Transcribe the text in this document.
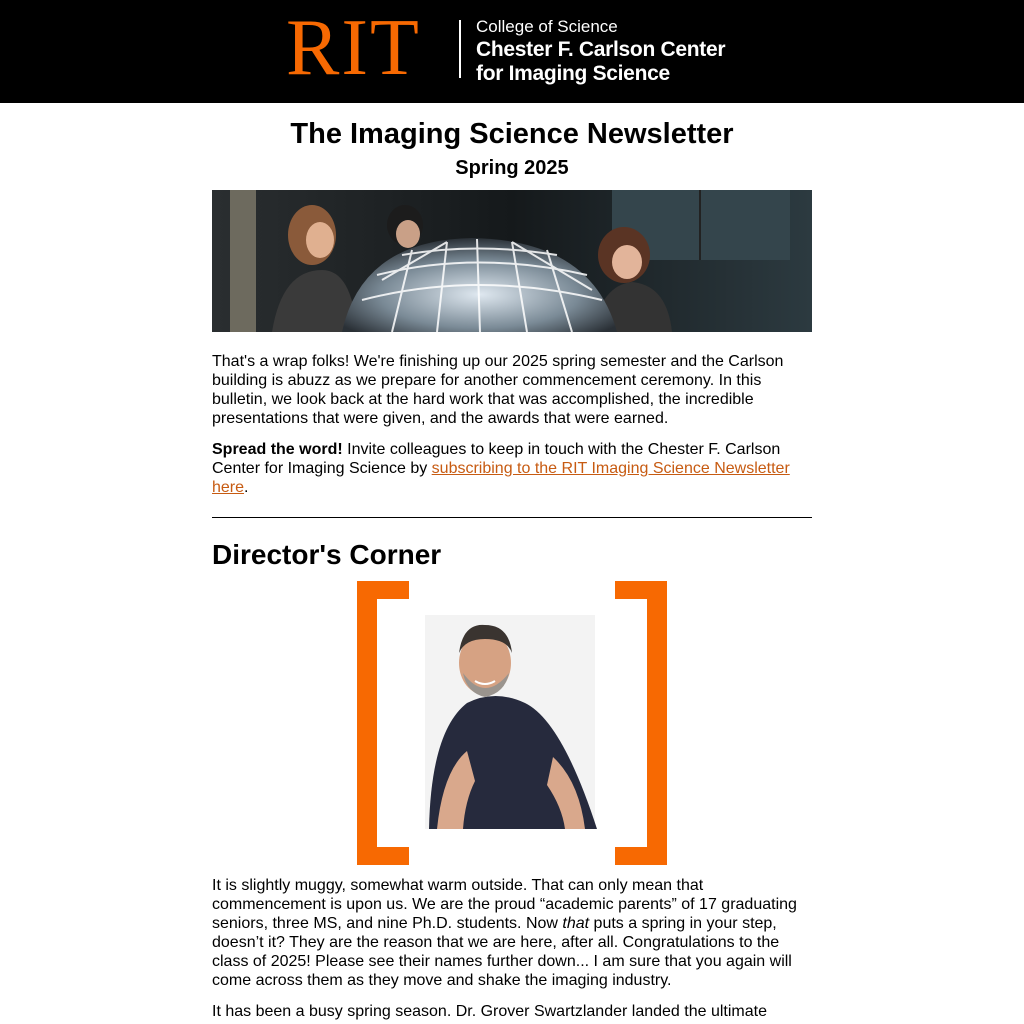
RIT	College of Science
Chester F. Carlson Center
for Imaging Science
The Imaging Science Newsletter
Spring 2025

That's a wrap folks! We're finishing up our 2025 spring semester and the Carlson building is abuzz as we prepare for another commencement ceremony. In this bulletin, we look back at the hard work that was accomplished, the incredible presentations that were given, and the awards that were earned.

Spread the word! Invite colleagues to keep in touch with the Chester F. Carlson Center for Imaging Science by subscribing to the RIT Imaging Science Newsletter here.

Director's Corner

It is slightly muggy, somewhat warm outside. That can only mean that commencement is upon us. We are the proud “academic parents” of 17 graduating seniors, three MS, and nine Ph.D. students. Now that puts a spring in your step, doesn’t it? They are the reason that we are here, after all. Congratulations to the class of 2025! Please see their names further down... I am sure that you again will come across them as they move and shake the imaging industry.

It has been a busy spring season. Dr. Grover Swartzlander landed the ultimate
